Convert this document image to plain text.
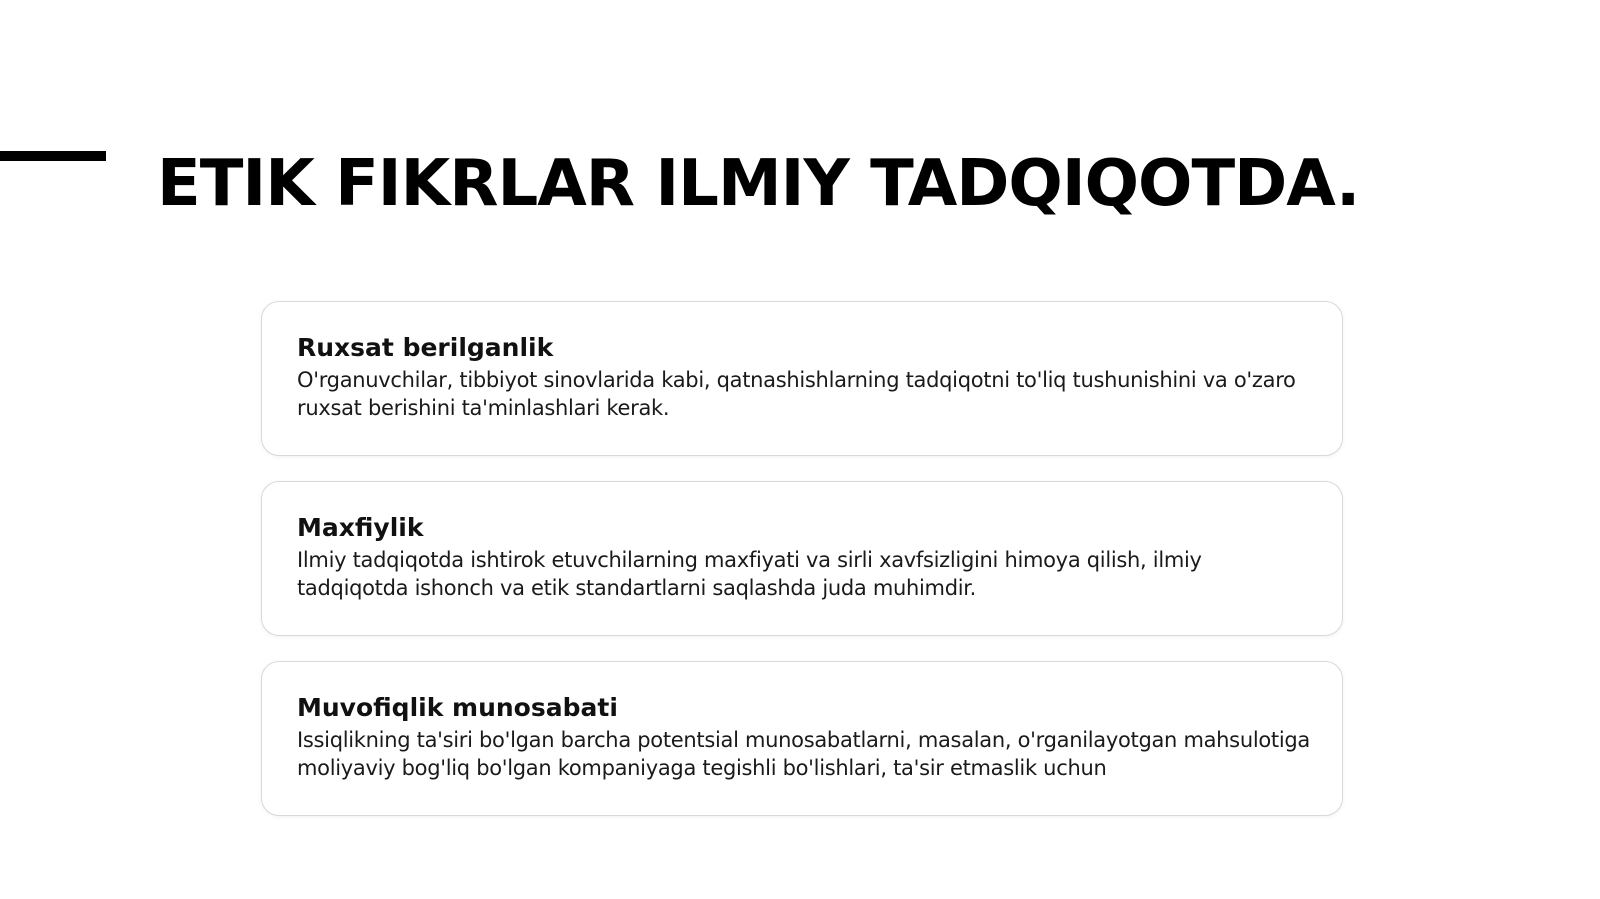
ETIK FIKRLAR ILMIY TADQIQOTDA.
Ruxsat berilganlik

O'rganuvchilar, tibbiyot sinovlarida kabi, qatnashishlarning tadqiqotni to'liq tushunishini va o'zaro ruxsat berishini ta'minlashlari kerak.

Maxfiylik

Ilmiy tadqiqotda ishtirok etuvchilarning maxfiyati va sirli xavfsizligini himoya qilish, ilmiy tadqiqotda ishonch va etik standartlarni saqlashda juda muhimdir.

Muvofiqlik munosabati

Issiqlikning ta'siri bo'lgan barcha potentsial munosabatlarni, masalan, o'rganilayotgan mahsulotiga moliyaviy bog'liq bo'lgan kompaniyaga tegishli bo'lishlari, ta'sir etmaslik uchun
